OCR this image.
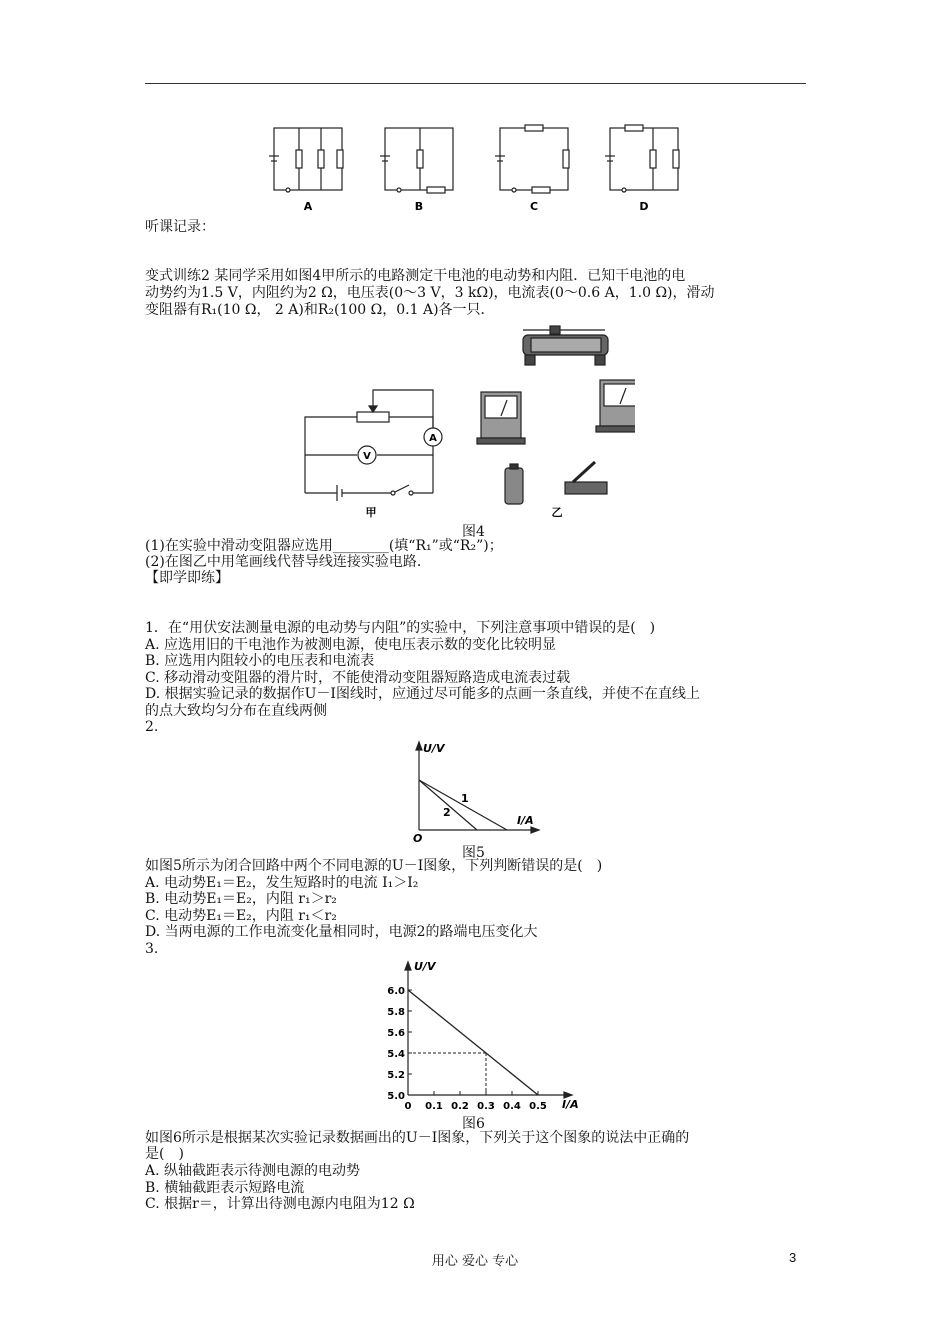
A	B	C	D
听课记录：
变式训练2 某同学采用如图4甲所示的电路测定干电池的电动势和内阻．已知干电池的电
动势约为1.5 V，内阻约为2 Ω，电压表(0～3 V，3 kΩ)，电流表(0～0.6 A，1.0 Ω)，滑动
变阻器有R₁(10 Ω， 2 A)和R₂(100 Ω，0.1 A)各一只．
V
A
甲	乙
图4
(1)在实验中滑动变阻器应选用________(填“R₁”或“R₂”)；
(2)在图乙中用笔画线代替导线连接实验电路．
【即学即练】
1．在“用伏安法测量电源的电动势与内阻”的实验中，下列注意事项中错误的是(　)
A. 应选用旧的干电池作为被测电源，使电压表示数的变化比较明显
B. 应选用内阻较小的电压表和电流表
C. 移动滑动变阻器的滑片时，不能使滑动变阻器短路造成电流表过载
D. 根据实验记录的数据作U－I图线时，应通过尽可能多的点画一条直线，并使不在直线上
的点大致均匀分布在直线两侧
2.
U/V
I/A
O
1
2
图5
如图5所示为闭合回路中两个不同电源的U－I图象，下列判断错误的是(　)
A. 电动势E₁＝E₂，发生短路时的电流 I₁＞I₂
B. 电动势E₁＝E₂，内阻 r₁＞r₂
C. 电动势E₁＝E₂，内阻 r₁＜r₂
D. 当两电源的工作电流变化量相同时，电源2的路端电压变化大
3.
5.0
5.2
5.4
5.6
5.8
6.0
0 0.1 0.2 0.3 0.4 0.5
U/V
I/A
图6
如图6所示是根据某次实验记录数据画出的U－I图象，下列关于这个图象的说法中正确的
是(　)
A. 纵轴截距表示待测电源的电动势
B. 横轴截距表示短路电流
C. 根据r＝，计算出待测电源内电阻为12 Ω
用心 爱心 专心	3
